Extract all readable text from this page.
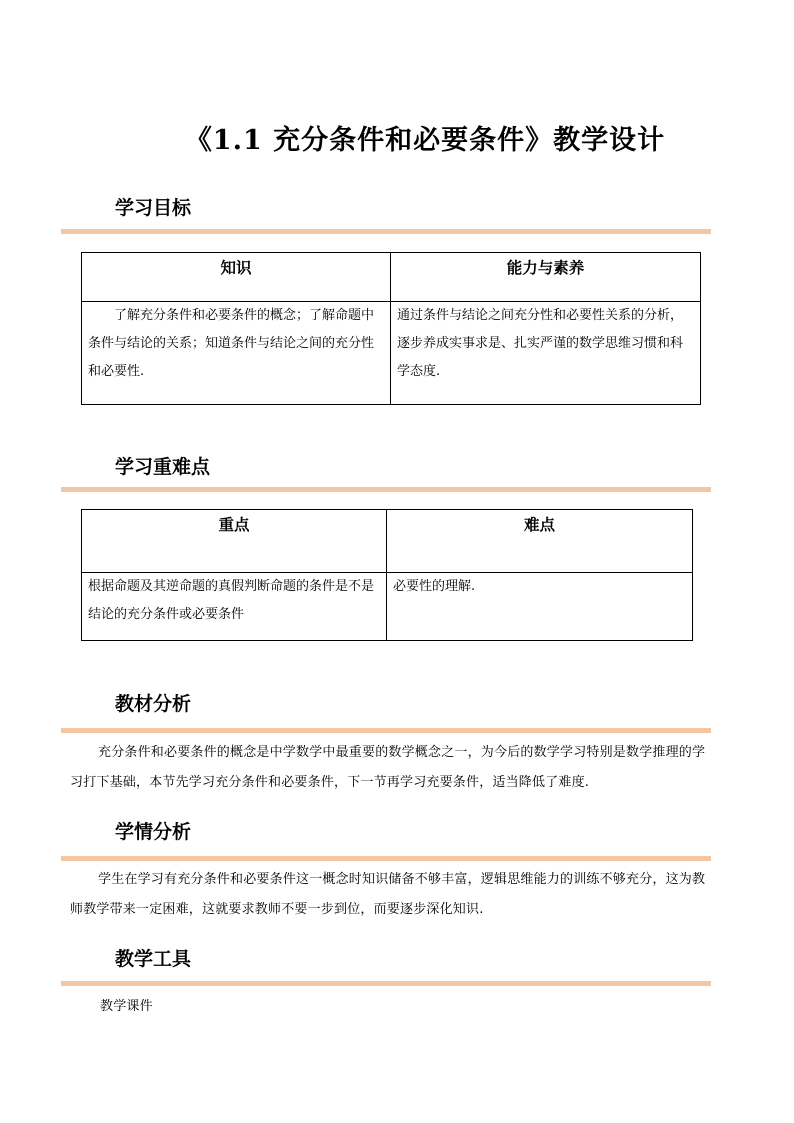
《1.1 充分条件和必要条件》教学设计
学习目标
知识	能力与素养
了解充分条件和必要条件的概念；了解命题中条件与结论的关系；知道条件与结论之间的充分性和必要性.	通过条件与结论之间充分性和必要性关系的分析，逐步养成实事求是、扎实严谨的数学思维习惯和科学态度.
学习重难点
重点	难点
根据命题及其逆命题的真假判断命题的条件是不是结论的充分条件或必要条件	必要性的理解.
教材分析
充分条件和必要条件的概念是中学数学中最重要的数学概念之一，为今后的数学学习特别是数学推理的学习打下基础，本节先学习充分条件和必要条件，下一节再学习充要条件，适当降低了难度.
学情分析
学生在学习有充分条件和必要条件这一概念时知识储备不够丰富，逻辑思维能力的训练不够充分，这为教师教学带来一定困难，这就要求教师不要一步到位，而要逐步深化知识.
教学工具
教学课件
